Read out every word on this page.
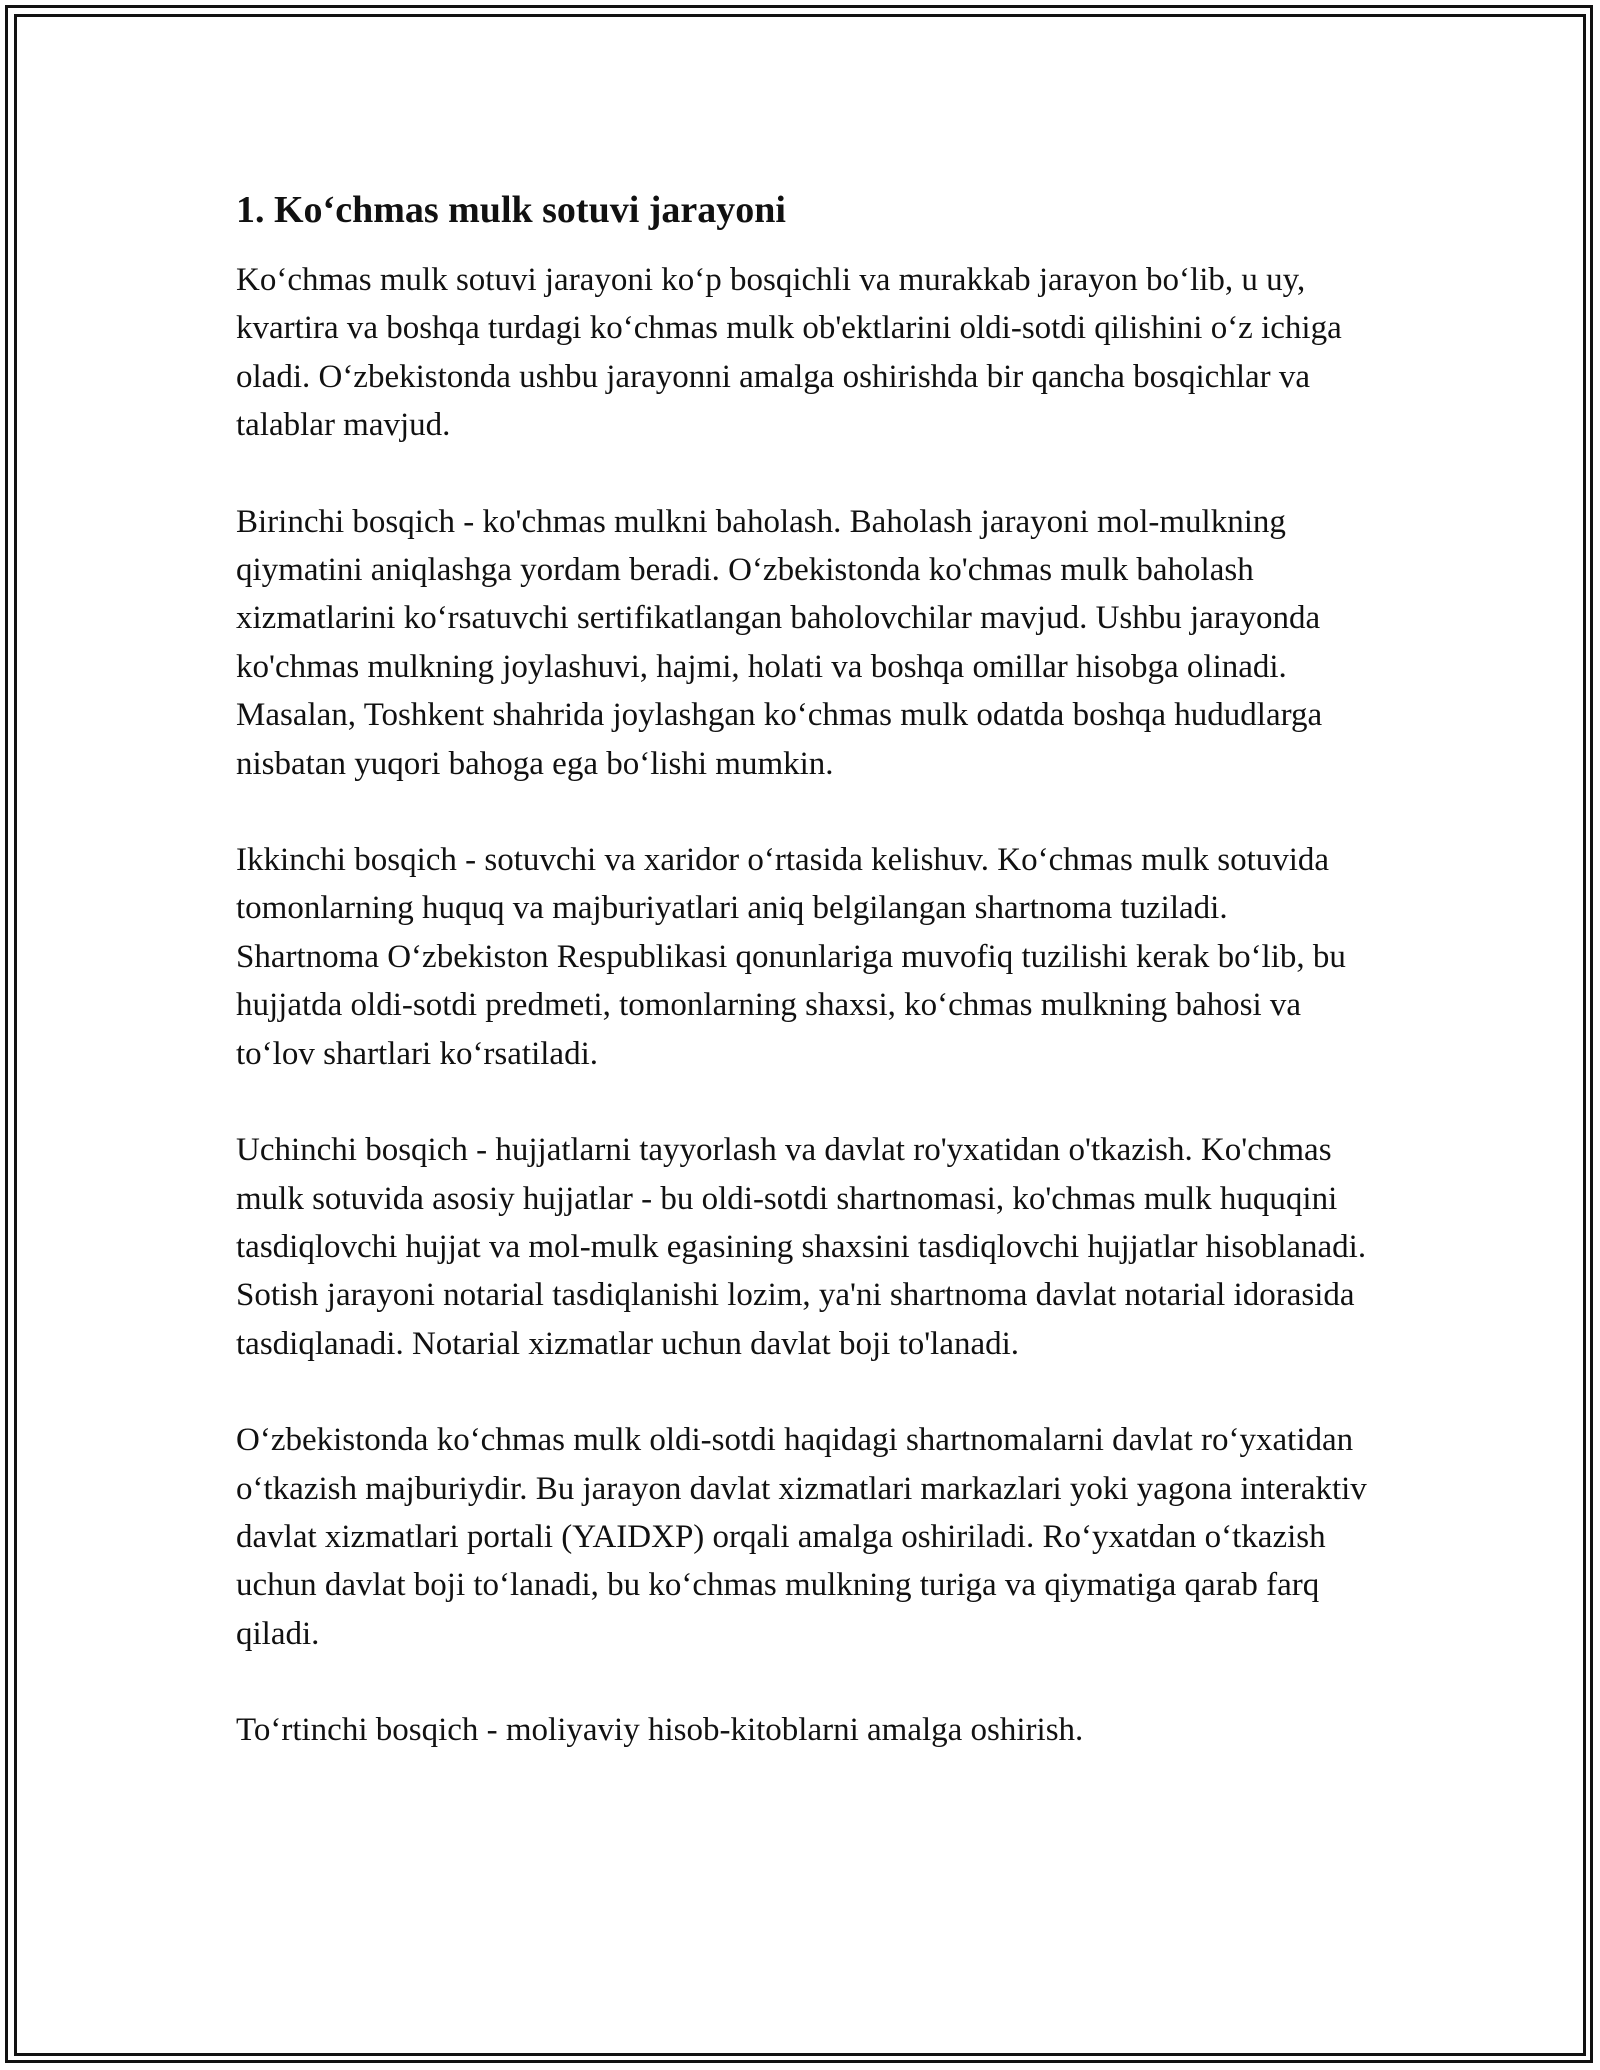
1. Ko‘chmas mulk sotuvi jarayoni

Ko‘chmas mulk sotuvi jarayoni ko‘p bosqichli va murakkab jarayon bo‘lib, u uy, kvartira va boshqa turdagi ko‘chmas mulk ob'ektlarini oldi-sotdi qilishini o‘z ichiga oladi. O‘zbekistonda ushbu jarayonni amalga oshirishda bir qancha bosqichlar va talablar mavjud.

Birinchi bosqich - ko'chmas mulkni baholash. Baholash jarayoni mol-mulkning qiymatini aniqlashga yordam beradi. O‘zbekistonda ko'chmas mulk baholash xizmatlarini ko‘rsatuvchi sertifikatlangan baholovchilar mavjud. Ushbu jarayonda ko'chmas mulkning joylashuvi, hajmi, holati va boshqa omillar hisobga olinadi. Masalan, Toshkent shahrida joylashgan ko‘chmas mulk odatda boshqa hududlarga nisbatan yuqori bahoga ega bo‘lishi mumkin.

Ikkinchi bosqich - sotuvchi va xaridor o‘rtasida kelishuv. Ko‘chmas mulk sotuvida tomonlarning huquq va majburiyatlari aniq belgilangan shartnoma tuziladi. Shartnoma O‘zbekiston Respublikasi qonunlariga muvofiq tuzilishi kerak bo‘lib, bu hujjatda oldi-sotdi predmeti, tomonlarning shaxsi, ko‘chmas mulkning bahosi va to‘lov shartlari ko‘rsatiladi.

Uchinchi bosqich - hujjatlarni tayyorlash va davlat ro'yxatidan o'tkazish. Ko'chmas mulk sotuvida asosiy hujjatlar - bu oldi-sotdi shartnomasi, ko'chmas mulk huquqini tasdiqlovchi hujjat va mol-mulk egasining shaxsini tasdiqlovchi hujjatlar hisoblanadi. Sotish jarayoni notarial tasdiqlanishi lozim, ya'ni shartnoma davlat notarial idorasida tasdiqlanadi. Notarial xizmatlar uchun davlat boji to'lanadi.

O‘zbekistonda ko‘chmas mulk oldi-sotdi haqidagi shartnomalarni davlat ro‘yxatidan o‘tkazish majburiydir. Bu jarayon davlat xizmatlari markazlari yoki yagona interaktiv davlat xizmatlari portali (YAIDXP) orqali amalga oshiriladi. Ro‘yxatdan o‘tkazish uchun davlat boji to‘lanadi, bu ko‘chmas mulkning turiga va qiymatiga qarab farq qiladi.

To‘rtinchi bosqich - moliyaviy hisob-kitoblarni amalga oshirish.
